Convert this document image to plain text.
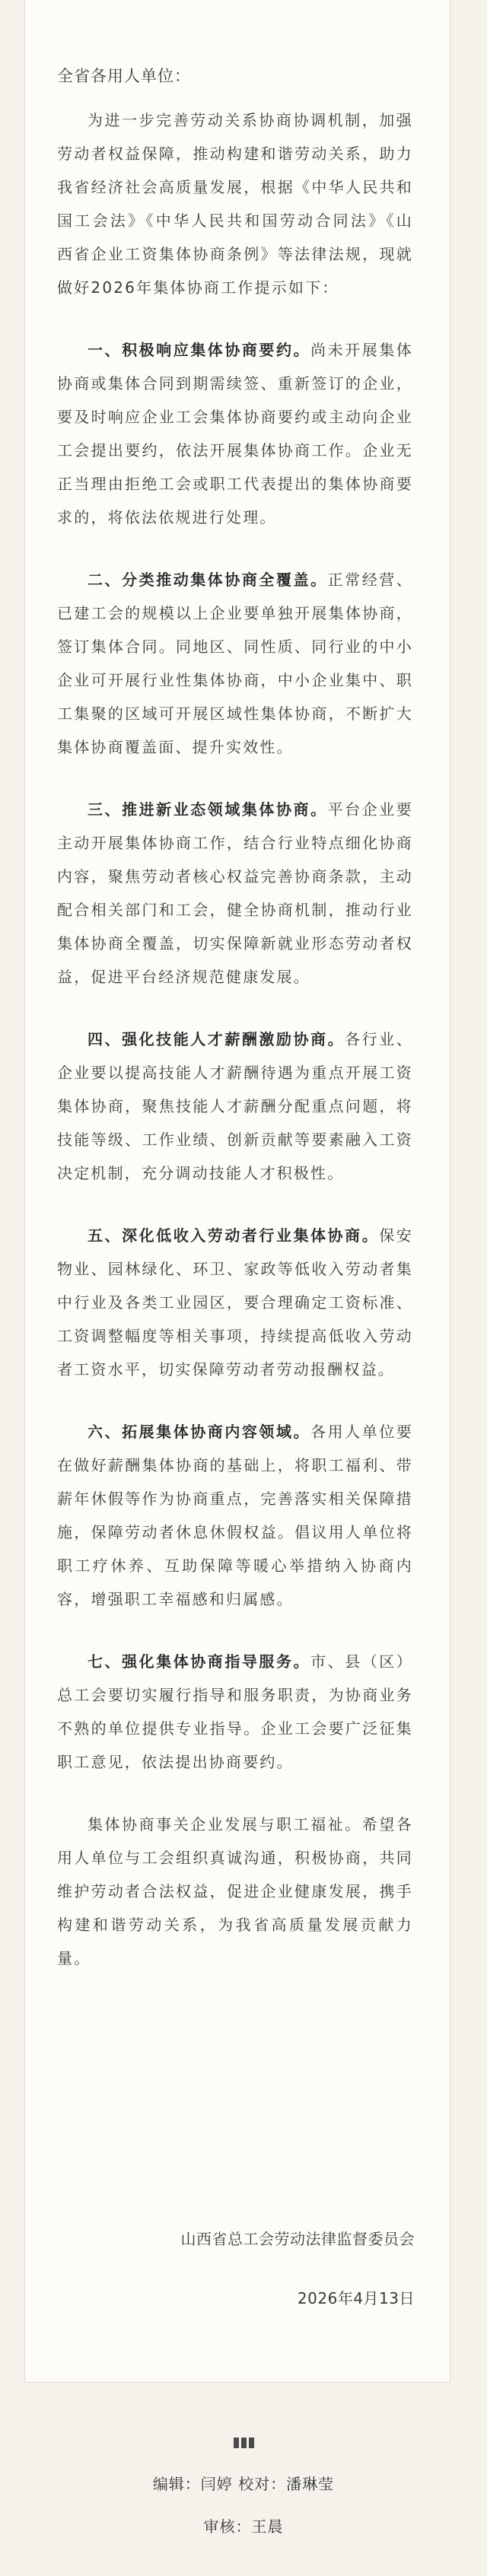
全省各用人单位：

为进一步完善劳动关系协商协调机制，加强劳动者权益保障，推动构建和谐劳动关系，助力我省经济社会高质量发展，根据《中华人民共和国工会法》《中华人民共和国劳动合同法》《山西省企业工资集体协商条例》等法律法规，现就做好2026年集体协商工作提示如下：

一、积极响应集体协商要约。尚未开展集体协商或集体合同到期需续签、重新签订的企业，要及时响应企业工会集体协商要约或主动向企业工会提出要约，依法开展集体协商工作。企业无正当理由拒绝工会或职工代表提出的集体协商要求的，将依法依规进行处理。

二、分类推动集体协商全覆盖。正常经营、已建工会的规模以上企业要单独开展集体协商，签订集体合同。同地区、同性质、同行业的中小企业可开展行业性集体协商，中小企业集中、职工集聚的区域可开展区域性集体协商，不断扩大集体协商覆盖面、提升实效性。

三、推进新业态领域集体协商。平台企业要主动开展集体协商工作，结合行业特点细化协商内容，聚焦劳动者核心权益完善协商条款，主动配合相关部门和工会，健全协商机制，推动行业集体协商全覆盖，切实保障新就业形态劳动者权益，促进平台经济规范健康发展。

四、强化技能人才薪酬激励协商。各行业、企业要以提高技能人才薪酬待遇为重点开展工资集体协商，聚焦技能人才薪酬分配重点问题，将技能等级、工作业绩、创新贡献等要素融入工资决定机制，充分调动技能人才积极性。

五、深化低收入劳动者行业集体协商。保安物业、园林绿化、环卫、家政等低收入劳动者集中行业及各类工业园区，要合理确定工资标准、工资调整幅度等相关事项，持续提高低收入劳动者工资水平，切实保障劳动者劳动报酬权益。

六、拓展集体协商内容领域。各用人单位要在做好薪酬集体协商的基础上，将职工福利、带薪年休假等作为协商重点，完善落实相关保障措施，保障劳动者休息休假权益。倡议用人单位将职工疗休养、互助保障等暖心举措纳入协商内容，增强职工幸福感和归属感。

七、强化集体协商指导服务。市、县（区）总工会要切实履行指导和服务职责，为协商业务不熟的单位提供专业指导。企业工会要广泛征集职工意见，依法提出协商要约。

集体协商事关企业发展与职工福祉。希望各用人单位与工会组织真诚沟通，积极协商，共同维护劳动者合法权益，促进企业健康发展，携手构建和谐劳动关系，为我省高质量发展贡献力量。

山西省总工会劳动法律监督委员会
2026年4月13日
编辑：闫婷 校对：潘琳莹
审核：王晨
